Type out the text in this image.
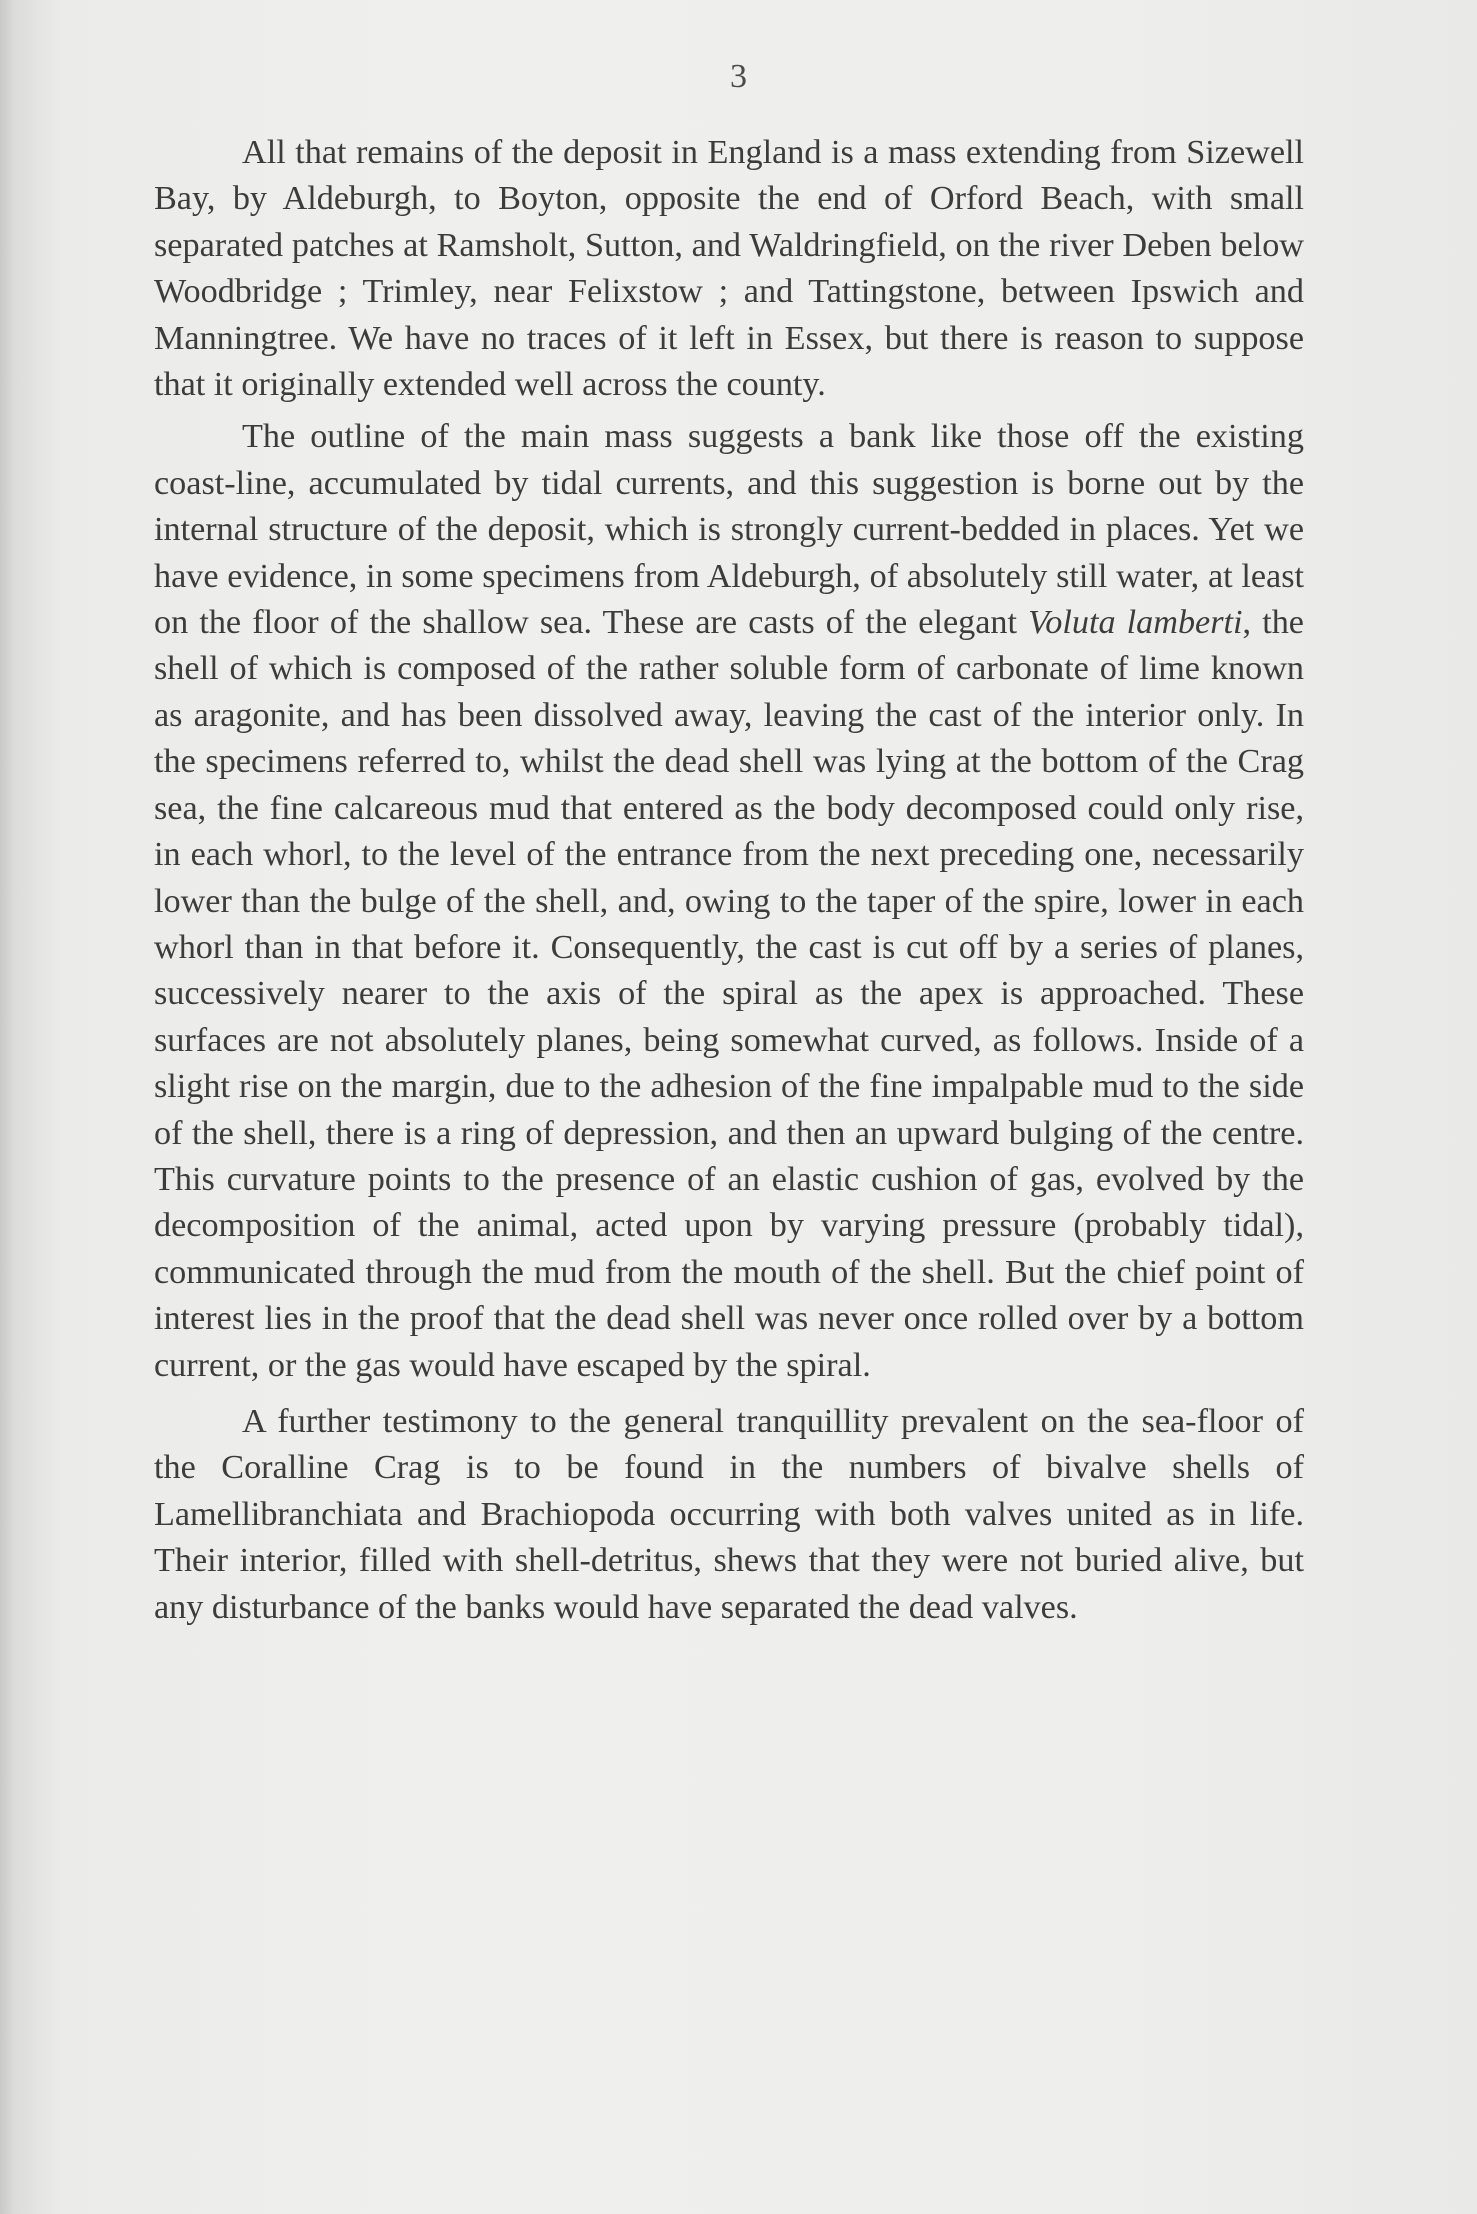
3

All that remains of the deposit in England is a mass extending from Sizewell Bay, by Aldeburgh, to Boyton, opposite the end of Orford Beach, with small separated patches at Ramsholt, Sutton, and Waldringfield, on the river Deben below Woodbridge ; Trimley, near Felixstow ; and Tattingstone, between Ipswich and Manningtree. We have no traces of it left in Essex, but there is reason to suppose that it originally extended well across the county.

The outline of the main mass suggests a bank like those off the existing coast-line, accumulated by tidal currents, and this suggestion is borne out by the internal structure of the deposit, which is strongly current-bedded in places. Yet we have evidence, in some specimens from Aldeburgh, of absolutely still water, at least on the floor of the shallow sea. These are casts of the elegant Voluta lamberti, the shell of which is composed of the rather soluble form of carbonate of lime known as aragonite, and has been dissolved away, leaving the cast of the interior only. In the specimens referred to, whilst the dead shell was lying at the bottom of the Crag sea, the fine calcareous mud that entered as the body decomposed could only rise, in each whorl, to the level of the entrance from the next preceding one, necessarily lower than the bulge of the shell, and, owing to the taper of the spire, lower in each whorl than in that before it. Consequently, the cast is cut off by a series of planes, successively nearer to the axis of the spiral as the apex is approached. These surfaces are not absolutely planes, being somewhat curved, as follows. Inside of a slight rise on the margin, due to the adhesion of the fine impalpable mud to the side of the shell, there is a ring of depression, and then an upward bulging of the centre. This curvature points to the presence of an elastic cushion of gas, evolved by the decomposition of the animal, acted upon by varying pressure (probably tidal), communicated through the mud from the mouth of the shell. But the chief point of interest lies in the proof that the dead shell was never once rolled over by a bottom current, or the gas would have escaped by the spiral.

A further testimony to the general tranquillity prevalent on the sea-floor of the Coralline Crag is to be found in the numbers of bivalve shells of Lamellibranchiata and Brachiopoda occurring with both valves united as in life. Their interior, filled with shell-detritus, shews that they were not buried alive, but any disturbance of the banks would have separated the dead valves.
